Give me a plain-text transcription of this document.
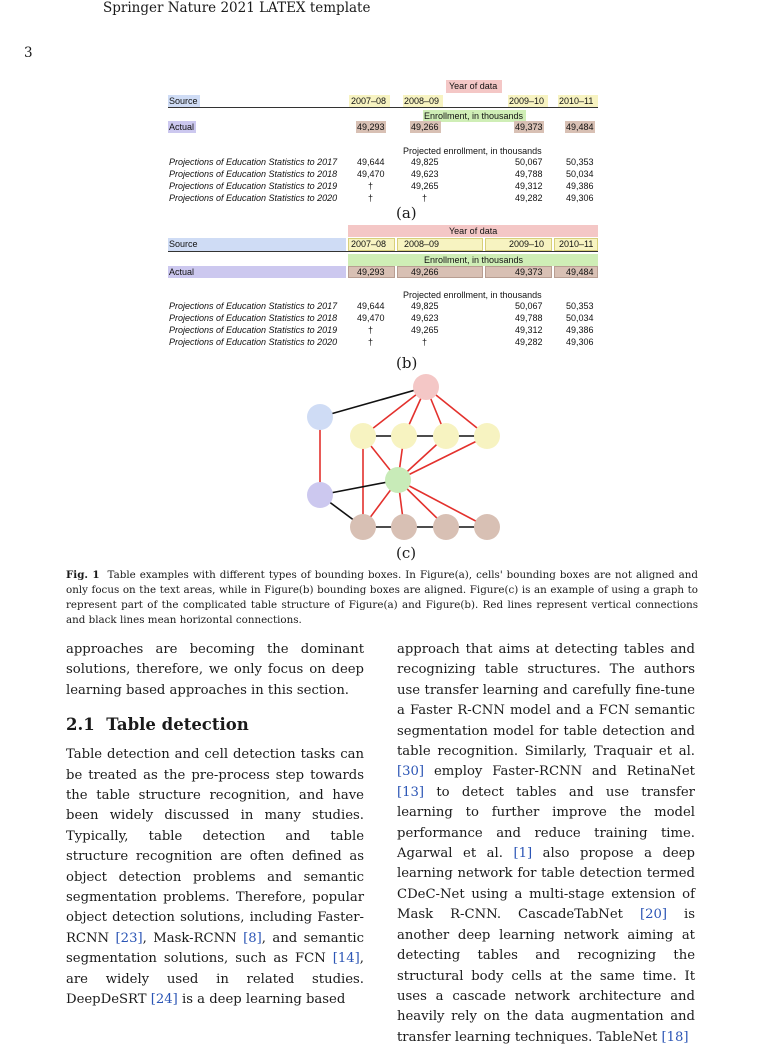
Springer Nature 2021 LATEX template
3
Year of data
Source	2007–08 2008–09	2009–10 2010–11
Enrollment, in thousands
Actual	49,293	49,266	49,373	49,484
Projected enrollment, in thousands
Projections of Education Statistics to 2017 49,644	49,825	50,067	50,353
Projections of Education Statistics to 2018 49,470	49,623	49,788	50,034
Projections of Education Statistics to 2019	†	49,265	49,312	49,386
Projections of Education Statistics to 2020	†	†	49,282	49,306
(a)
Year of data
Source	2007–08 2008–09	2009–10 2010–11
Enrollment, in thousands
Actual	49,293	49,266	49,373	49,484
Projected enrollment, in thousands
Projections of Education Statistics to 2017 49,644	49,825	50,067	50,353
Projections of Education Statistics to 2018 49,470	49,623	49,788	50,034
Projections of Education Statistics to 2019	†	49,265	49,312	49,386
Projections of Education Statistics to 2020	†	†	49,282	49,306
(b)
(c)
Fig. 1 Table examples with different types of bounding boxes. In Figure(a), cells' bounding boxes are not aligned and only focus on the text areas, while in Figure(b) bounding boxes are aligned. Figure(c) is an example of using a graph to represent part of the complicated table structure of Figure(a) and Figure(b). Red lines represent vertical connections and black lines mean horizontal connections.

approaches are becoming the dominant solutions, therefore, we only focus on deep learning based approaches in this section.

2.1 Table detection

Table detection and cell detection tasks can be treated as the pre-process step towards the table structure recognition, and have been widely discussed in many studies. Typically, table detection and table structure recognition are often defined as object detection problems and semantic segmentation problems. Therefore, popular object detection solutions, including Faster-RCNN [23], Mask-RCNN [8], and semantic segmentation solutions, such as FCN [14], are widely used in related studies. DeepDeSRT [24] is a deep learning based

approach that aims at detecting tables and recognizing table structures. The authors use transfer learning and carefully fine-tune a Faster R-CNN model and a FCN semantic segmentation model for table detection and table recognition. Similarly, Traquair et al. [30] employ Faster-RCNN and RetinaNet [13] to detect tables and use transfer learning to further improve the model performance and reduce training time. Agarwal et al. [1] also propose a deep learning network for table detection termed CDeC-Net using a multi-stage extension of Mask R-CNN. CascadeTabNet [20] is another deep learning network aiming at detecting tables and recognizing the structural body cells at the same time. It uses a cascade network architecture and heavily rely on the data augmentation and transfer learning techniques. TableNet [18]
